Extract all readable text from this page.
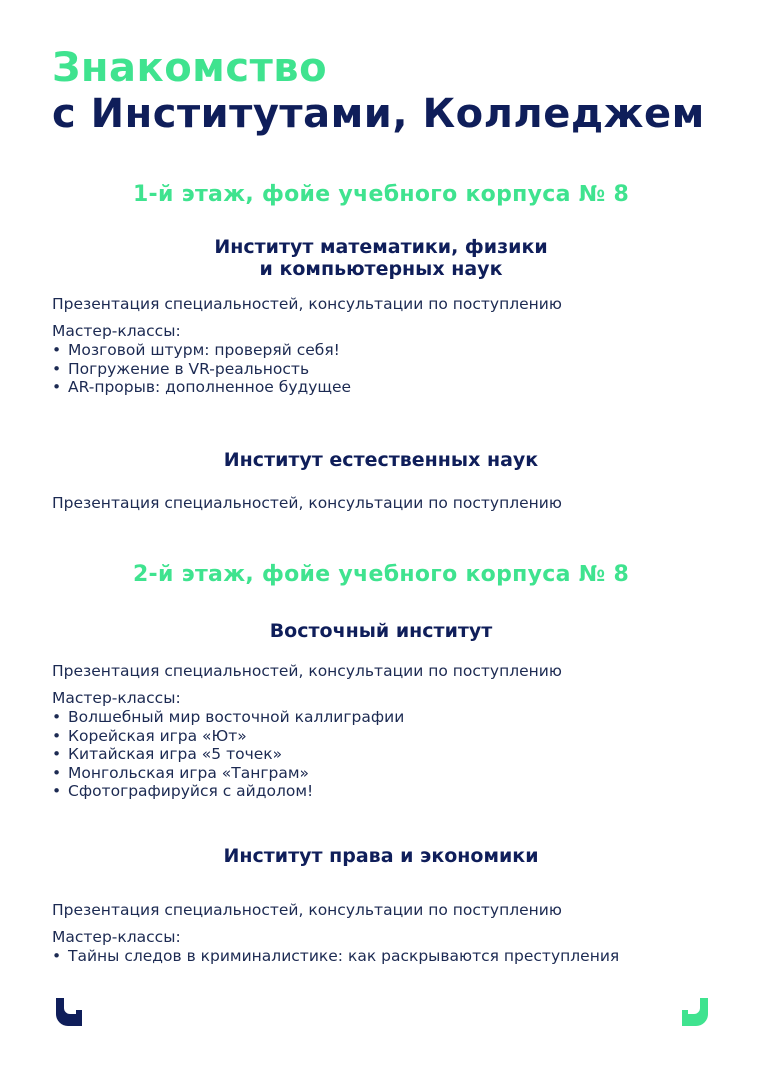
Знакомство
с Институтами, Колледжем
1-й этаж, фойе учебного корпуса № 8
Институт математики, физики
и компьютерных наук

Презентация специальностей, консультации по поступлению

Мастер-классы:

• Мозговой штурм: проверяй себя!
• Погружение в VR-реальность
• AR-прорыв: дополненное будущее
Институт естественных наук

Презентация специальностей, консультации по поступлению

2-й этаж, фойе учебного корпуса № 8
Восточный институт

Презентация специальностей, консультации по поступлению

Мастер-классы:

• Волшебный мир восточной каллиграфии
• Корейская игра «Ют»
• Китайская игра «5 точек»
• Монгольская игра «Танграм»
• Сфотографируйся с айдолом!
Институт права и экономики

Презентация специальностей, консультации по поступлению

Мастер-классы:

• Тайны следов в криминалистике: как раскрываются преступления
